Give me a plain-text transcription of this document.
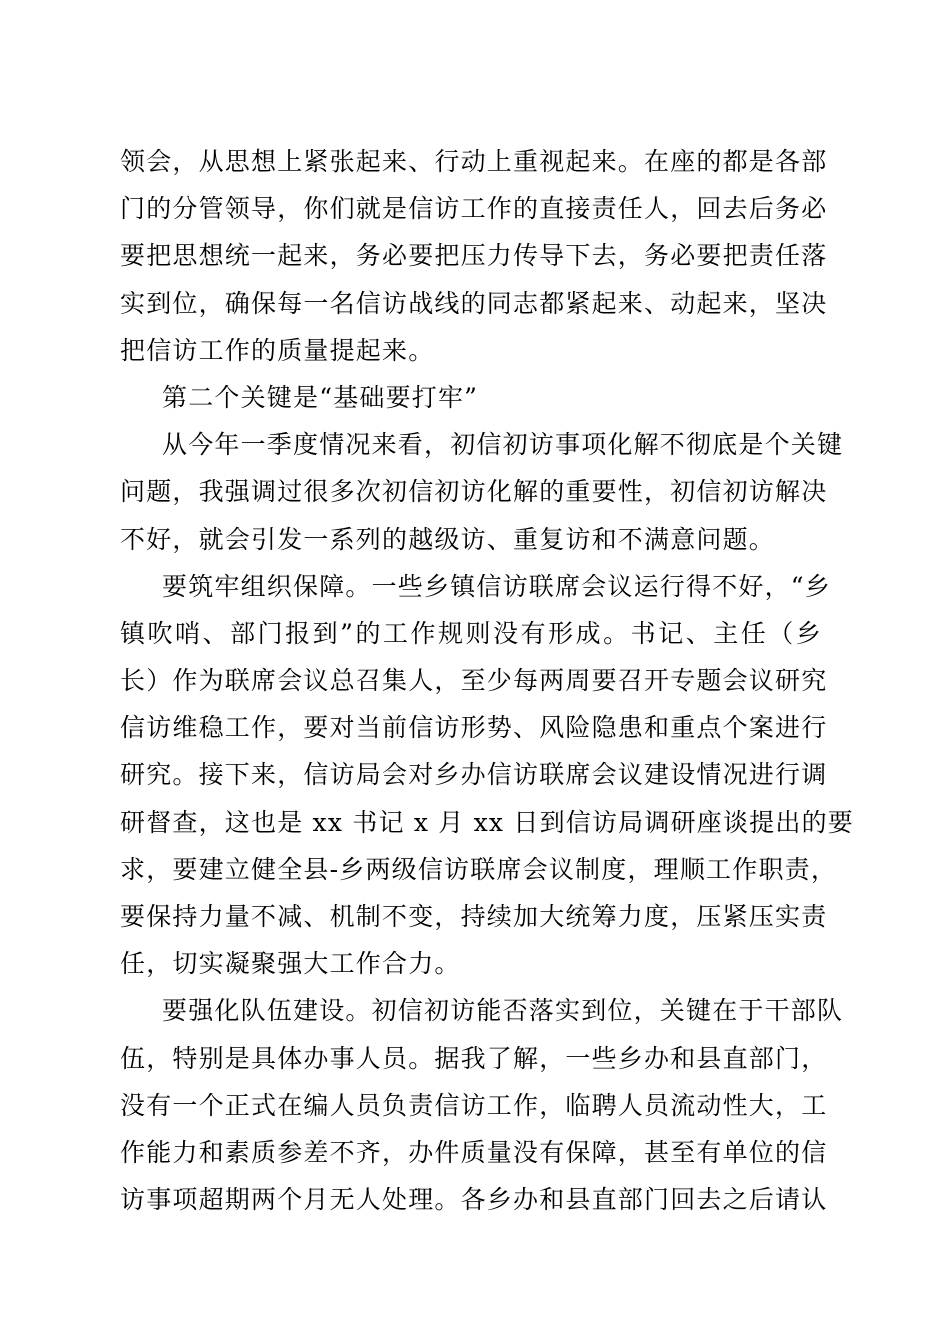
领会，从思想上紧张起来、行动上重视起来。在座的都是各部
门的分管领导，你们就是信访工作的直接责任人，回去后务必
要把思想统一起来，务必要把压力传导下去，务必要把责任落
实到位，确保每一名信访战线的同志都紧起来、动起来，坚决
把信访工作的质量提起来。
第二个关键是“基础要打牢”
从今年一季度情况来看，初信初访事项化解不彻底是个关键
问题，我强调过很多次初信初访化解的重要性，初信初访解决
不好，就会引发一系列的越级访、重复访和不满意问题。
要筑牢组织保障。一些乡镇信访联席会议运行得不好，“乡
镇吹哨、部门报到”的工作规则没有形成。书记、主任（乡
长）作为联席会议总召集人，至少每两周要召开专题会议研究
信访维稳工作，要对当前信访形势、风险隐患和重点个案进行
研究。接下来，信访局会对乡办信访联席会议建设情况进行调
研督查，这也是 xx 书记 x 月 xx 日到信访局调研座谈提出的要
求，要建立健全县-乡两级信访联席会议制度，理顺工作职责，
要保持力量不减、机制不变，持续加大统筹力度，压紧压实责
任，切实凝聚强大工作合力。
要强化队伍建设。初信初访能否落实到位，关键在于干部队
伍，特别是具体办事人员。据我了解，一些乡办和县直部门，
没有一个正式在编人员负责信访工作，临聘人员流动性大，工
作能力和素质参差不齐，办件质量没有保障，甚至有单位的信
访事项超期两个月无人处理。各乡办和县直部门回去之后请认
